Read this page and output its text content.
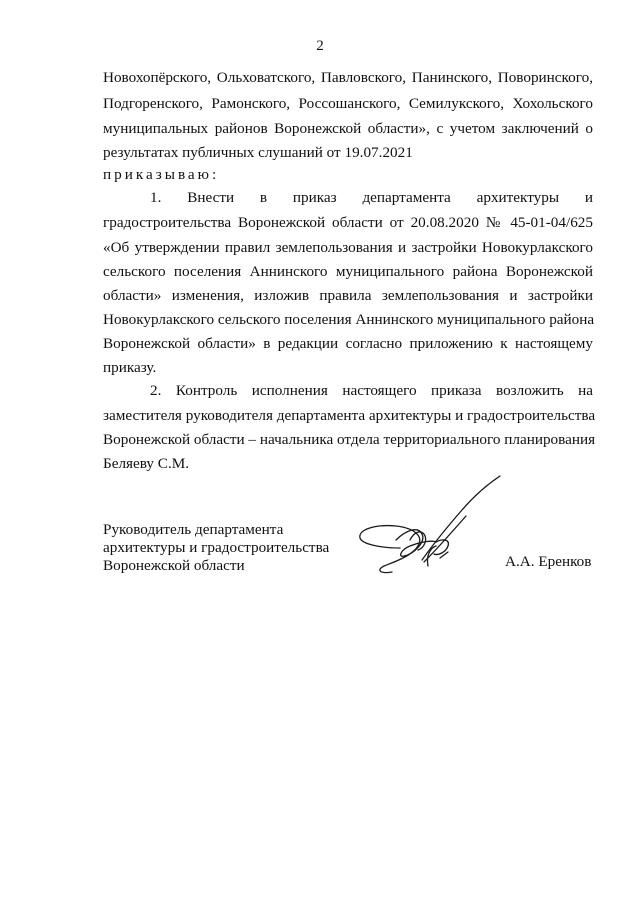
2
Новохопёрского, Ольховатского, Павловского, Панинского, Поворинского,
Подгоренского, Рамонского, Россошанского, Семилукского, Хохольского
муниципальных районов Воронежской области», с учетом заключений о
результатах публичных слушаний от 19.07.2021
приказываю:
1. Внести в приказ департамента архитектуры и
градостроительства Воронежской области от 20.08.2020 № 45-01-04/625
«Об утверждении правил землепользования и застройки Новокурлакского
сельского поселения Аннинского муниципального района Воронежской
области» изменения, изложив правила землепользования и застройки
Новокурлакского сельского поселения Аннинского муниципального района
Воронежской области» в редакции согласно приложению к настоящему
приказу.
2. Контроль исполнения настоящего приказа возложить на
заместителя руководителя департамента архитектуры и градостроительства
Воронежской области – начальника отдела территориального планирования
Беляеву С.М.
Руководитель департамента
архитектуры и градостроительства
Воронежской области	А.А. Еренков
